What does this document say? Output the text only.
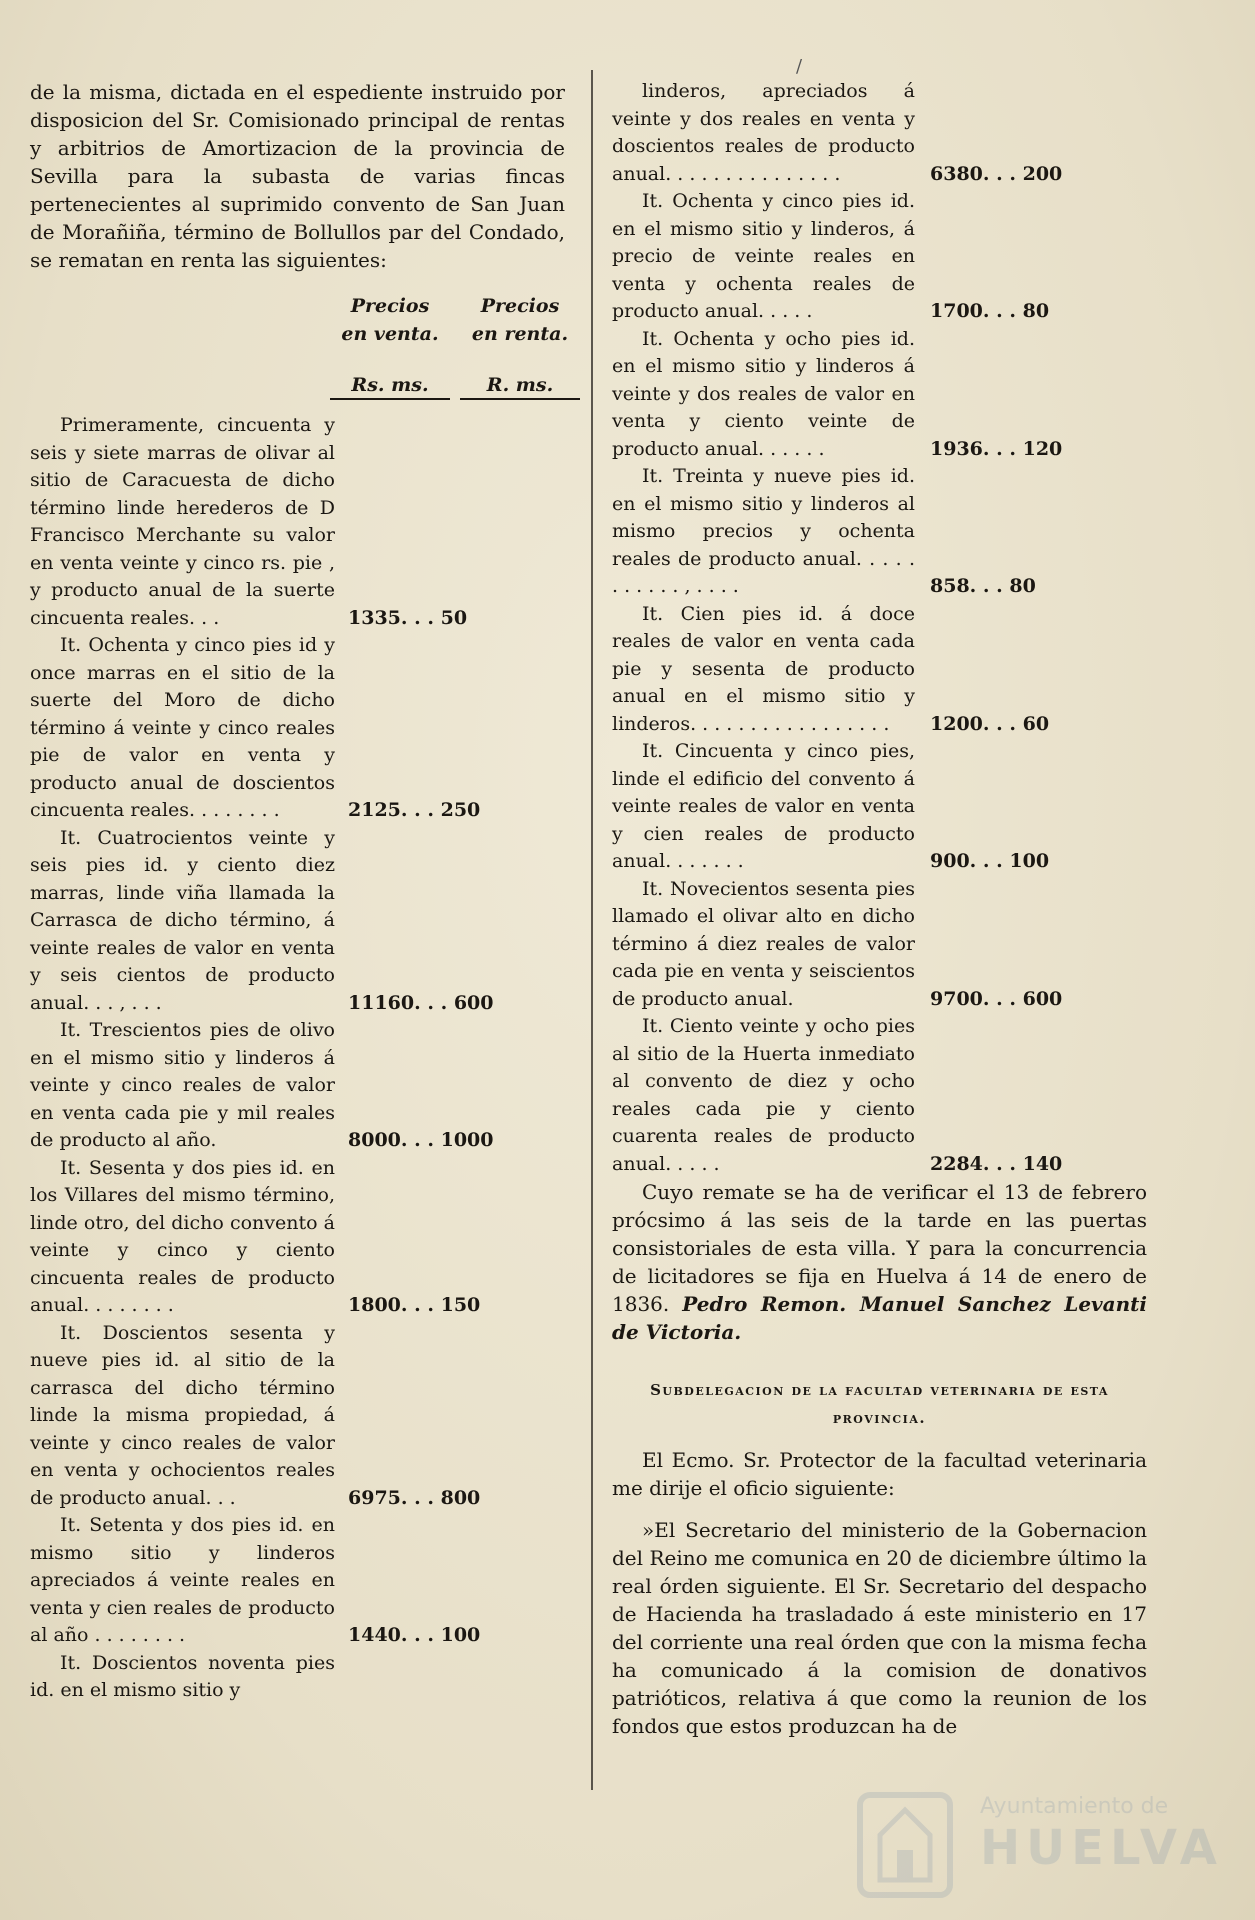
/

de la misma, dictada en el espediente instruido por disposicion del Sr. Comisionado principal de rentas y arbitrios de Amortizacion de la provincia de Sevilla para la subasta de varias fincas pertenecientes al suprimido convento de San Juan de Morañiña, término de Bollullos par del Condado, se rematan en renta las siguientes:

Precios
en venta.
Precios
en renta.
Rs. ms.	R. ms.
Primeramente, cincuenta y seis y siete marras de olivar al sitio de Caracuesta de dicho término linde herederos de D Francisco Merchante su valor en venta veinte y cinco rs. pie , y producto anual de la suerte cincuenta reales. . .	1335. . . 50
It. Ochenta y cinco pies id y once marras en el sitio de la suerte del Moro de dicho término á veinte y cinco reales pie de valor en venta y producto anual de doscientos cincuenta reales. . . . . . . .	2125. . . 250
It. Cuatrocientos veinte y seis pies id. y ciento diez marras, linde viña llamada la Carrasca de dicho término, á veinte reales de valor en venta y seis cientos de producto anual. . . , . . .	11160. . . 600
It. Trescientos pies de olivo en el mismo sitio y linderos á veinte y cinco reales de valor en venta cada pie y mil reales de producto al año.	8000. . . 1000
It. Sesenta y dos pies id. en los Villares del mismo término, linde otro, del dicho convento á veinte y cinco y ciento cincuenta reales de producto anual. . . . . . . .	1800. . . 150
It. Doscientos sesenta y nueve pies id. al sitio de la carrasca del dicho término linde la misma propiedad, á veinte y cinco reales de valor en venta y ochocientos reales de producto anual. . .	6975. . . 800
It. Setenta y dos pies id. en mismo sitio y linderos apreciados á veinte reales en venta y cien reales de producto al año . . . . . . . .	1440. . . 100
It. Doscientos noventa pies id. en el mismo sitio y
linderos, apreciados á veinte y dos reales en venta y doscientos reales de producto anual. . . . . . . . . . . . . . .	6380. . . 200
It. Ochenta y cinco pies id. en el mismo sitio y linderos, á precio de veinte reales en venta y ochenta reales de producto anual. . . . .	1700. . . 80
It. Ochenta y ocho pies id. en el mismo sitio y linderos á veinte y dos reales de valor en venta y ciento veinte de producto anual. . . . . .	1936. . . 120
It. Treinta y nueve pies id. en el mismo sitio y linderos al mismo precios y ochenta reales de producto anual. . . . . . . . . . . , . . . .	858. . . 80
It. Cien pies id. á doce reales de valor en venta cada pie y sesenta de producto anual en el mismo sitio y linderos. . . . . . . . . . . . . . . . .	1200. . . 60
It. Cincuenta y cinco pies, linde el edificio del convento á veinte reales de valor en venta y cien reales de producto anual. . . . . . .	900. . . 100
It. Novecientos sesenta pies llamado el olivar alto en dicho término á diez reales de valor cada pie en venta y seiscientos de producto anual.	9700. . . 600
It. Ciento veinte y ocho pies al sitio de la Huerta inmediato al convento de diez y ocho reales cada pie y ciento cuarenta reales de producto anual. . . . .	2284. . . 140

Cuyo remate se ha de verificar el 13 de febrero prócsimo á las seis de la tarde en las puertas consistoriales de esta villa. Y para la concurrencia de licitadores se fija en Huelva á 14 de enero de 1836. Pedro Remon. Manuel Sanchez Levanti de Victoria.

Subdelegacion de la facultad veterinaria de esta provincia.

El Ecmo. Sr. Protector de la facultad veterinaria me dirije el oficio siguiente:

»El Secretario del ministerio de la Gobernacion del Reino me comunica en 20 de diciembre último la real órden siguiente. El Sr. Secretario del despacho de Hacienda ha trasladado á este ministerio en 17 del corriente una real órden que con la misma fecha ha comunicado á la comision de donativos patrióticos, relativa á que como la reunion de los fondos que estos produzcan ha de

Ayuntamiento de
HUELVA
